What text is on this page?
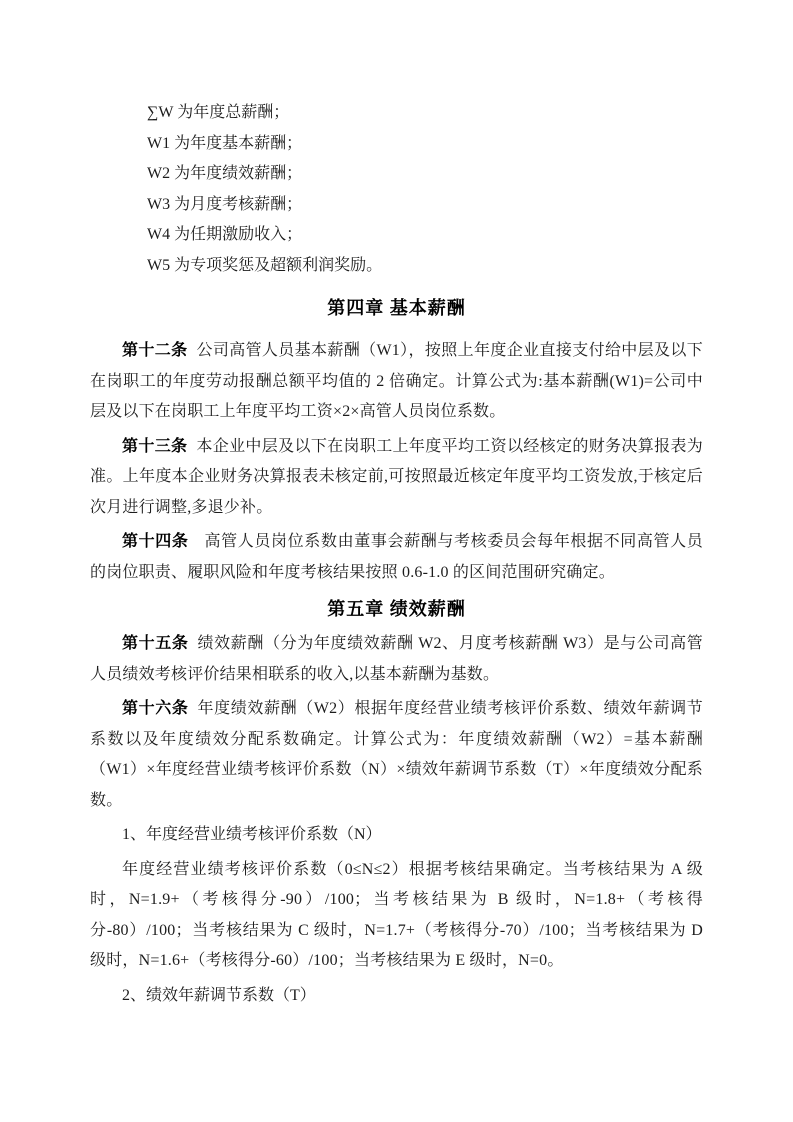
∑W 为年度总薪酬；

W1 为年度基本薪酬；

W2 为年度绩效薪酬；

W3 为月度考核薪酬；

W4 为任期激励收入；

W5 为专项奖惩及超额利润奖励。

第四章 基本薪酬

第十二条 公司高管人员基本薪酬（W1），按照上年度企业直接支付给中层及以下在岗职工的年度劳动报酬总额平均值的 2 倍确定。计算公式为:基本薪酬(W1)=公司中层及以下在岗职工上年度平均工资×2×高管人员岗位系数。

第十三条 本企业中层及以下在岗职工上年度平均工资以经核定的财务决算报表为准。上年度本企业财务决算报表未核定前,可按照最近核定年度平均工资发放,于核定后次月进行调整,多退少补。

第十四条 高管人员岗位系数由董事会薪酬与考核委员会每年根据不同高管人员的岗位职责、履职风险和年度考核结果按照 0.6-1.0 的区间范围研究确定。

第五章 绩效薪酬

第十五条 绩效薪酬（分为年度绩效薪酬 W2、月度考核薪酬 W3）是与公司高管人员绩效考核评价结果相联系的收入,以基本薪酬为基数。

第十六条 年度绩效薪酬（W2）根据年度经营业绩考核评价系数、绩效年薪调节系数以及年度绩效分配系数确定。计算公式为：年度绩效薪酬（W2）=基本薪酬（W1）×年度经营业绩考核评价系数（N）×绩效年薪调节系数（T）×年度绩效分配系数。

1、年度经营业绩考核评价系数（N）

年度经营业绩考核评价系数（0≤N≤2）根据考核结果确定。当考核结果为 A 级时，N=1.9+（考核得分-90）/100；当考核结果为 B 级时，N=1.8+（考核得分-80）/100；当考核结果为 C 级时，N=1.7+（考核得分-70）/100；当考核结果为 D 级时，N=1.6+（考核得分-60）/100；当考核结果为 E 级时，N=0。

2、绩效年薪调节系数（T）
